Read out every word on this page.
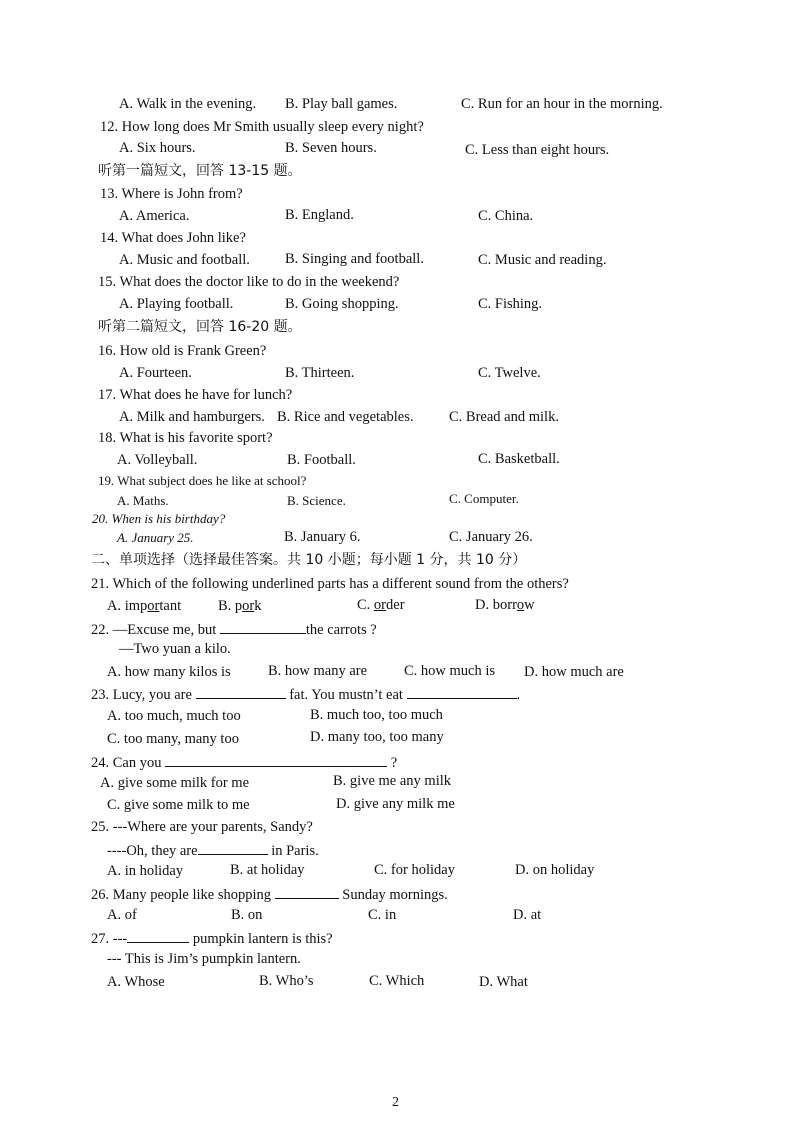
A. Walk in the evening. B. Play ball games.	C. Run for an hour in the morning.
12. How long does Mr Smith usually sleep every night?
A. Six hours.	B. Seven hours.	C. Less than eight hours.
听第一篇短文，回答 13-15 题。
13. Where is John from?
A. America.	B. England.	C. China.
14. What does John like?
A. Music and football. B. Singing and football.	C. Music and reading.
15. What does the doctor like to do in the weekend?
A. Playing football.	B. Going shopping.	C. Fishing.
听第二篇短文，回答 16-20 题。
16. How old is Frank Green?
A. Fourteen.	B. Thirteen.	C. Twelve.
17. What does he have for lunch?
A. Milk and hamburgers. B. Rice and vegetables. C. Bread and milk.
18. What is his favorite sport?
A. Volleyball.	B. Football.	C. Basketball.
19. What subject does he like at school?
A. Maths.	B. Science.	C. Computer.
20. When is his birthday?
A. January 25.	B. January 6.	C. January 26.
二、单项选择（选择最佳答案。共 10 小题；每小题 1 分，共 10 分）
21. Which of the following underlined parts has a different sound from the others?
A. important	B. pork	C. order	D. borrow
22. —Excuse me, but	the carrots ?
—Two yuan a kilo.
A. how many kilos is	B. how many are	C. how much is D. how much are
23. Lucy, you are	fat. You mustn’t eat	.
A. too much, much too	B. much too, too much
C. too many, many too	D. many too, too many
24. Can you	?
A. give some milk for me	B. give me any milk
C. give some milk to me	D. give any milk me
25. ---Where are your parents, Sandy?
----Oh, they are	in Paris.
A. in holiday	B. at holiday	C. for holiday	D. on holiday
26. Many people like shopping	Sunday mornings.
A. of	B. on	C. in	D. at
27. ---	pumpkin lantern is this?
--- This is Jim’s pumpkin lantern.
A. Whose	B. Who’s	C. Which	D. What
2
